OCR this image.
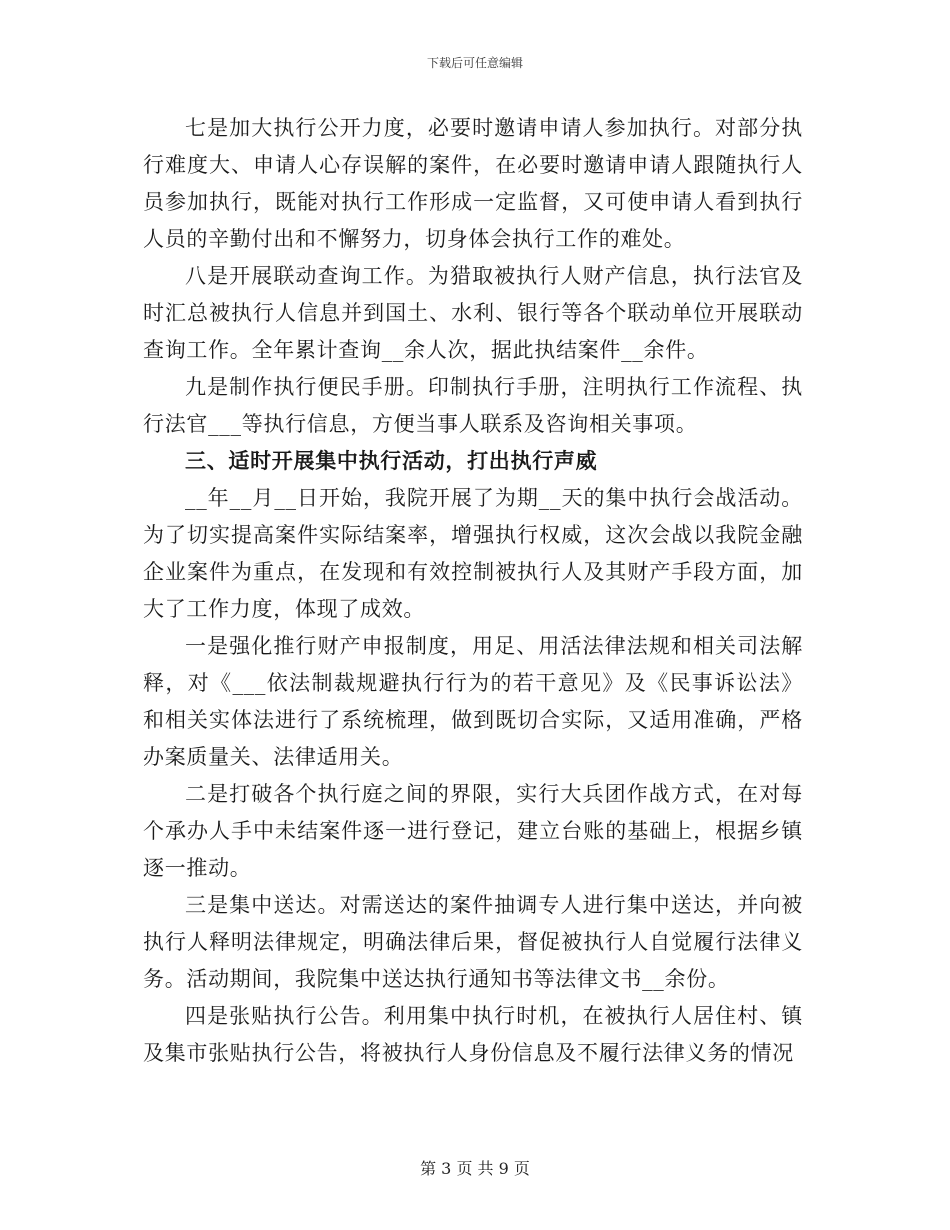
下载后可任意编辑

七是加大执行公开力度，必要时邀请申请人参加执行。对部分执行难度大、申请人心存误解的案件，在必要时邀请申请人跟随执行人员参加执行，既能对执行工作形成一定监督，又可使申请人看到执行人员的辛勤付出和不懈努力，切身体会执行工作的难处。

八是开展联动查询工作。为猎取被执行人财产信息，执行法官及时汇总被执行人信息并到国土、水利、银行等各个联动单位开展联动查询工作。全年累计查询__余人次，据此执结案件__余件。

九是制作执行便民手册。印制执行手册，注明执行工作流程、执行法官___等执行信息，方便当事人联系及咨询相关事项。

三、适时开展集中执行活动，打出执行声威

__年__月__日开始，我院开展了为期__天的集中执行会战活动。为了切实提高案件实际结案率，增强执行权威，这次会战以我院金融企业案件为重点，在发现和有效控制被执行人及其财产手段方面，加大了工作力度，体现了成效。

一是强化推行财产申报制度，用足、用活法律法规和相关司法解释，对《___依法制裁规避执行行为的若干意见》及《民事诉讼法》和相关实体法进行了系统梳理，做到既切合实际，又适用准确，严格办案质量关、法律适用关。

二是打破各个执行庭之间的界限，实行大兵团作战方式，在对每个承办人手中未结案件逐一进行登记，建立台账的基础上，根据乡镇逐一推动。

三是集中送达。对需送达的案件抽调专人进行集中送达，并向被执行人释明法律规定，明确法律后果，督促被执行人自觉履行法律义务。活动期间，我院集中送达执行通知书等法律文书__余份。

四是张贴执行公告。利用集中执行时机，在被执行人居住村、镇及集市张贴执行公告，将被执行人身份信息及不履行法律义务的情况

第 3 页 共 9 页
